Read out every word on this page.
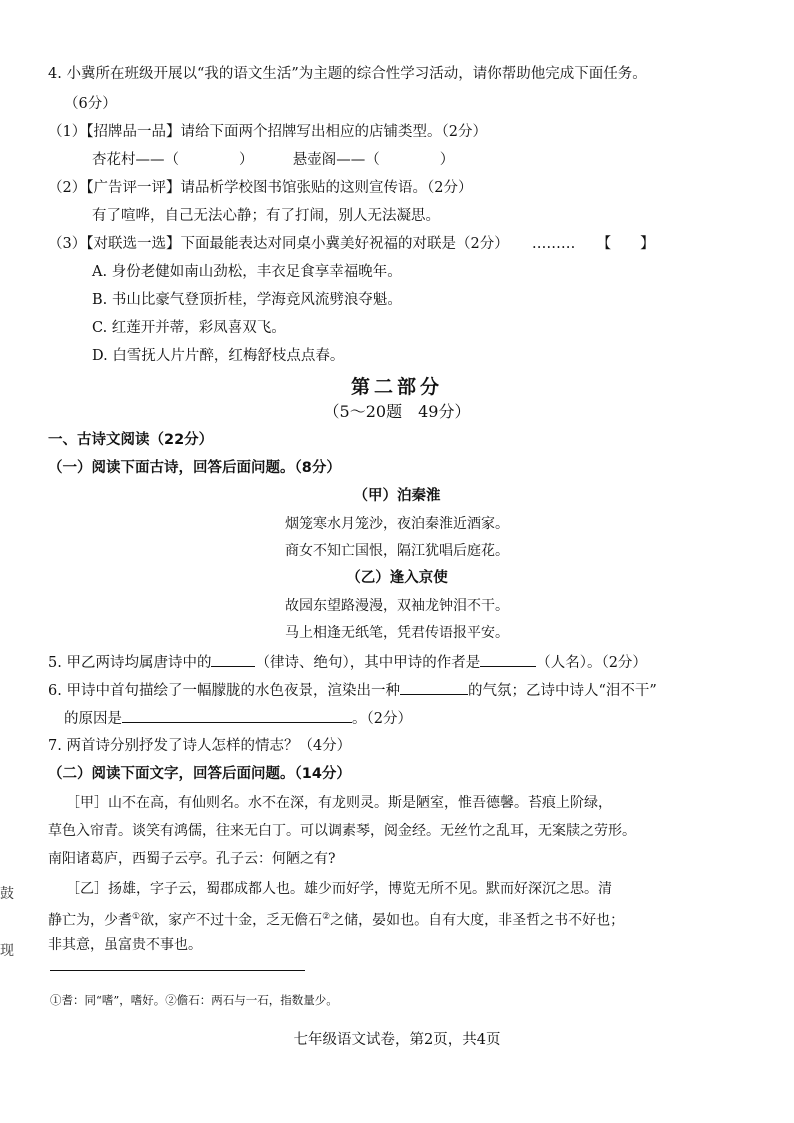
4. 小冀所在班级开展以“我的语文生活”为主题的综合性学习活动，请你帮助他完成下面任务。
（6分）
（1）【招牌品一品】请给下面两个招牌写出相应的店铺类型。（2分）
杏花村——（	）	悬壶阁——（	）
（2）【广告评一评】请品析学校图书馆张贴的这则宣传语。（2分）
有了喧哗，自己无法心静；有了打闹，别人无法凝思。
（3）【对联选一选】下面最能表达对同桌小冀美好祝福的对联是（2分） ……… 【　　】
A. 身份老健如南山劲松，丰衣足食享幸福晚年。
B. 书山比豪气登顶折桂，学海竞风流劈浪夺魁。
C. 红莲开并蒂，彩凤喜双飞。
D. 白雪抚人片片醉，红梅舒枝点点春。
第二部分
（5～20题　49分）
一、古诗文阅读（22分）
（一）阅读下面古诗，回答后面问题。（8分）
（甲）泊秦淮
烟笼寒水月笼沙，夜泊秦淮近酒家。
商女不知亡国恨，隔江犹唱后庭花。
（乙）逢入京使
故园东望路漫漫，双袖龙钟泪不干。
马上相逢无纸笔，凭君传语报平安。
5. 甲乙两诗均属唐诗中的	（律诗、绝句），其中甲诗的作者是	（人名）。（2分）
6. 甲诗中首句描绘了一幅朦胧的水色夜景，渲染出一种	的气氛；乙诗中诗人“泪不干”
的原因是	。（2分）
7. 两首诗分别抒发了诗人怎样的情志？（4分）
（二）阅读下面文字，回答后面问题。（14分）
［甲］山不在高，有仙则名。水不在深，有龙则灵。斯是陋室，惟吾德馨。苔痕上阶绿，
草色入帘青。谈笑有鸿儒，往来无白丁。可以调素琴，阅金经。无丝竹之乱耳，无案牍之劳形。
南阳诸葛庐，西蜀子云亭。孔子云：何陋之有?
［乙］扬雄，字子云，蜀郡成都人也。雄少而好学，博览无所不见。默而好深沉之思。清
静亡为，少耆①欲，家产不过十金，乏无儋石②之储，晏如也。自有大度，非圣哲之书不好也；
非其意，虽富贵不事也。
①耆：同“嗜”，嗜好。②儋石：两石与一石，指数量少。
七年级语文试卷，第2页，共4页
鼓
现
